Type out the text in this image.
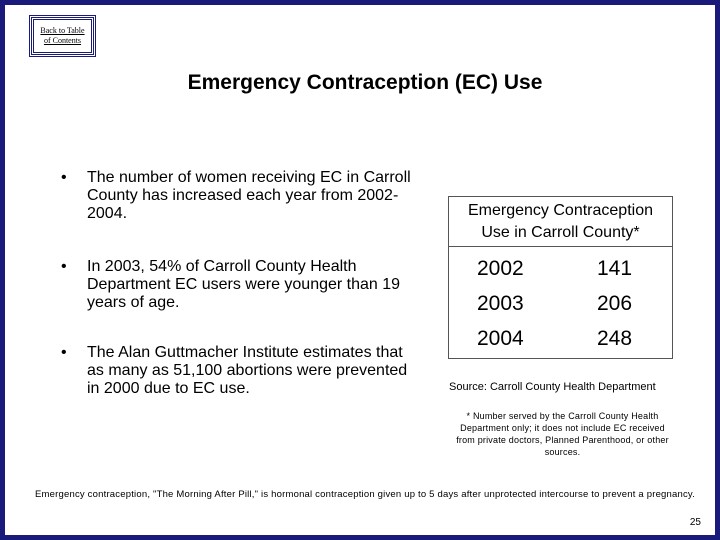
Back to Table
of Contents
Emergency Contraception (EC) Use
•	The number of women receiving EC in Carroll County has increased each year from 2002-2004.
•	In 2003, 54% of Carroll County Health Department EC users were younger than 19 years of age.
•	The Alan Guttmacher Institute estimates that as many as 51,100 abortions were prevented in 2000 due to EC use.
Emergency Contraception
Use in Carroll County*
2002	141
2003	206
2004	248
Source: Carroll County Health Department
* Number served by the Carroll County Health Department only; it does not include EC received from private doctors, Planned Parenthood, or other sources.
Emergency contraception, "The Morning After Pill," is hormonal contraception given up to 5 days after unprotected intercourse to prevent a pregnancy.
25
